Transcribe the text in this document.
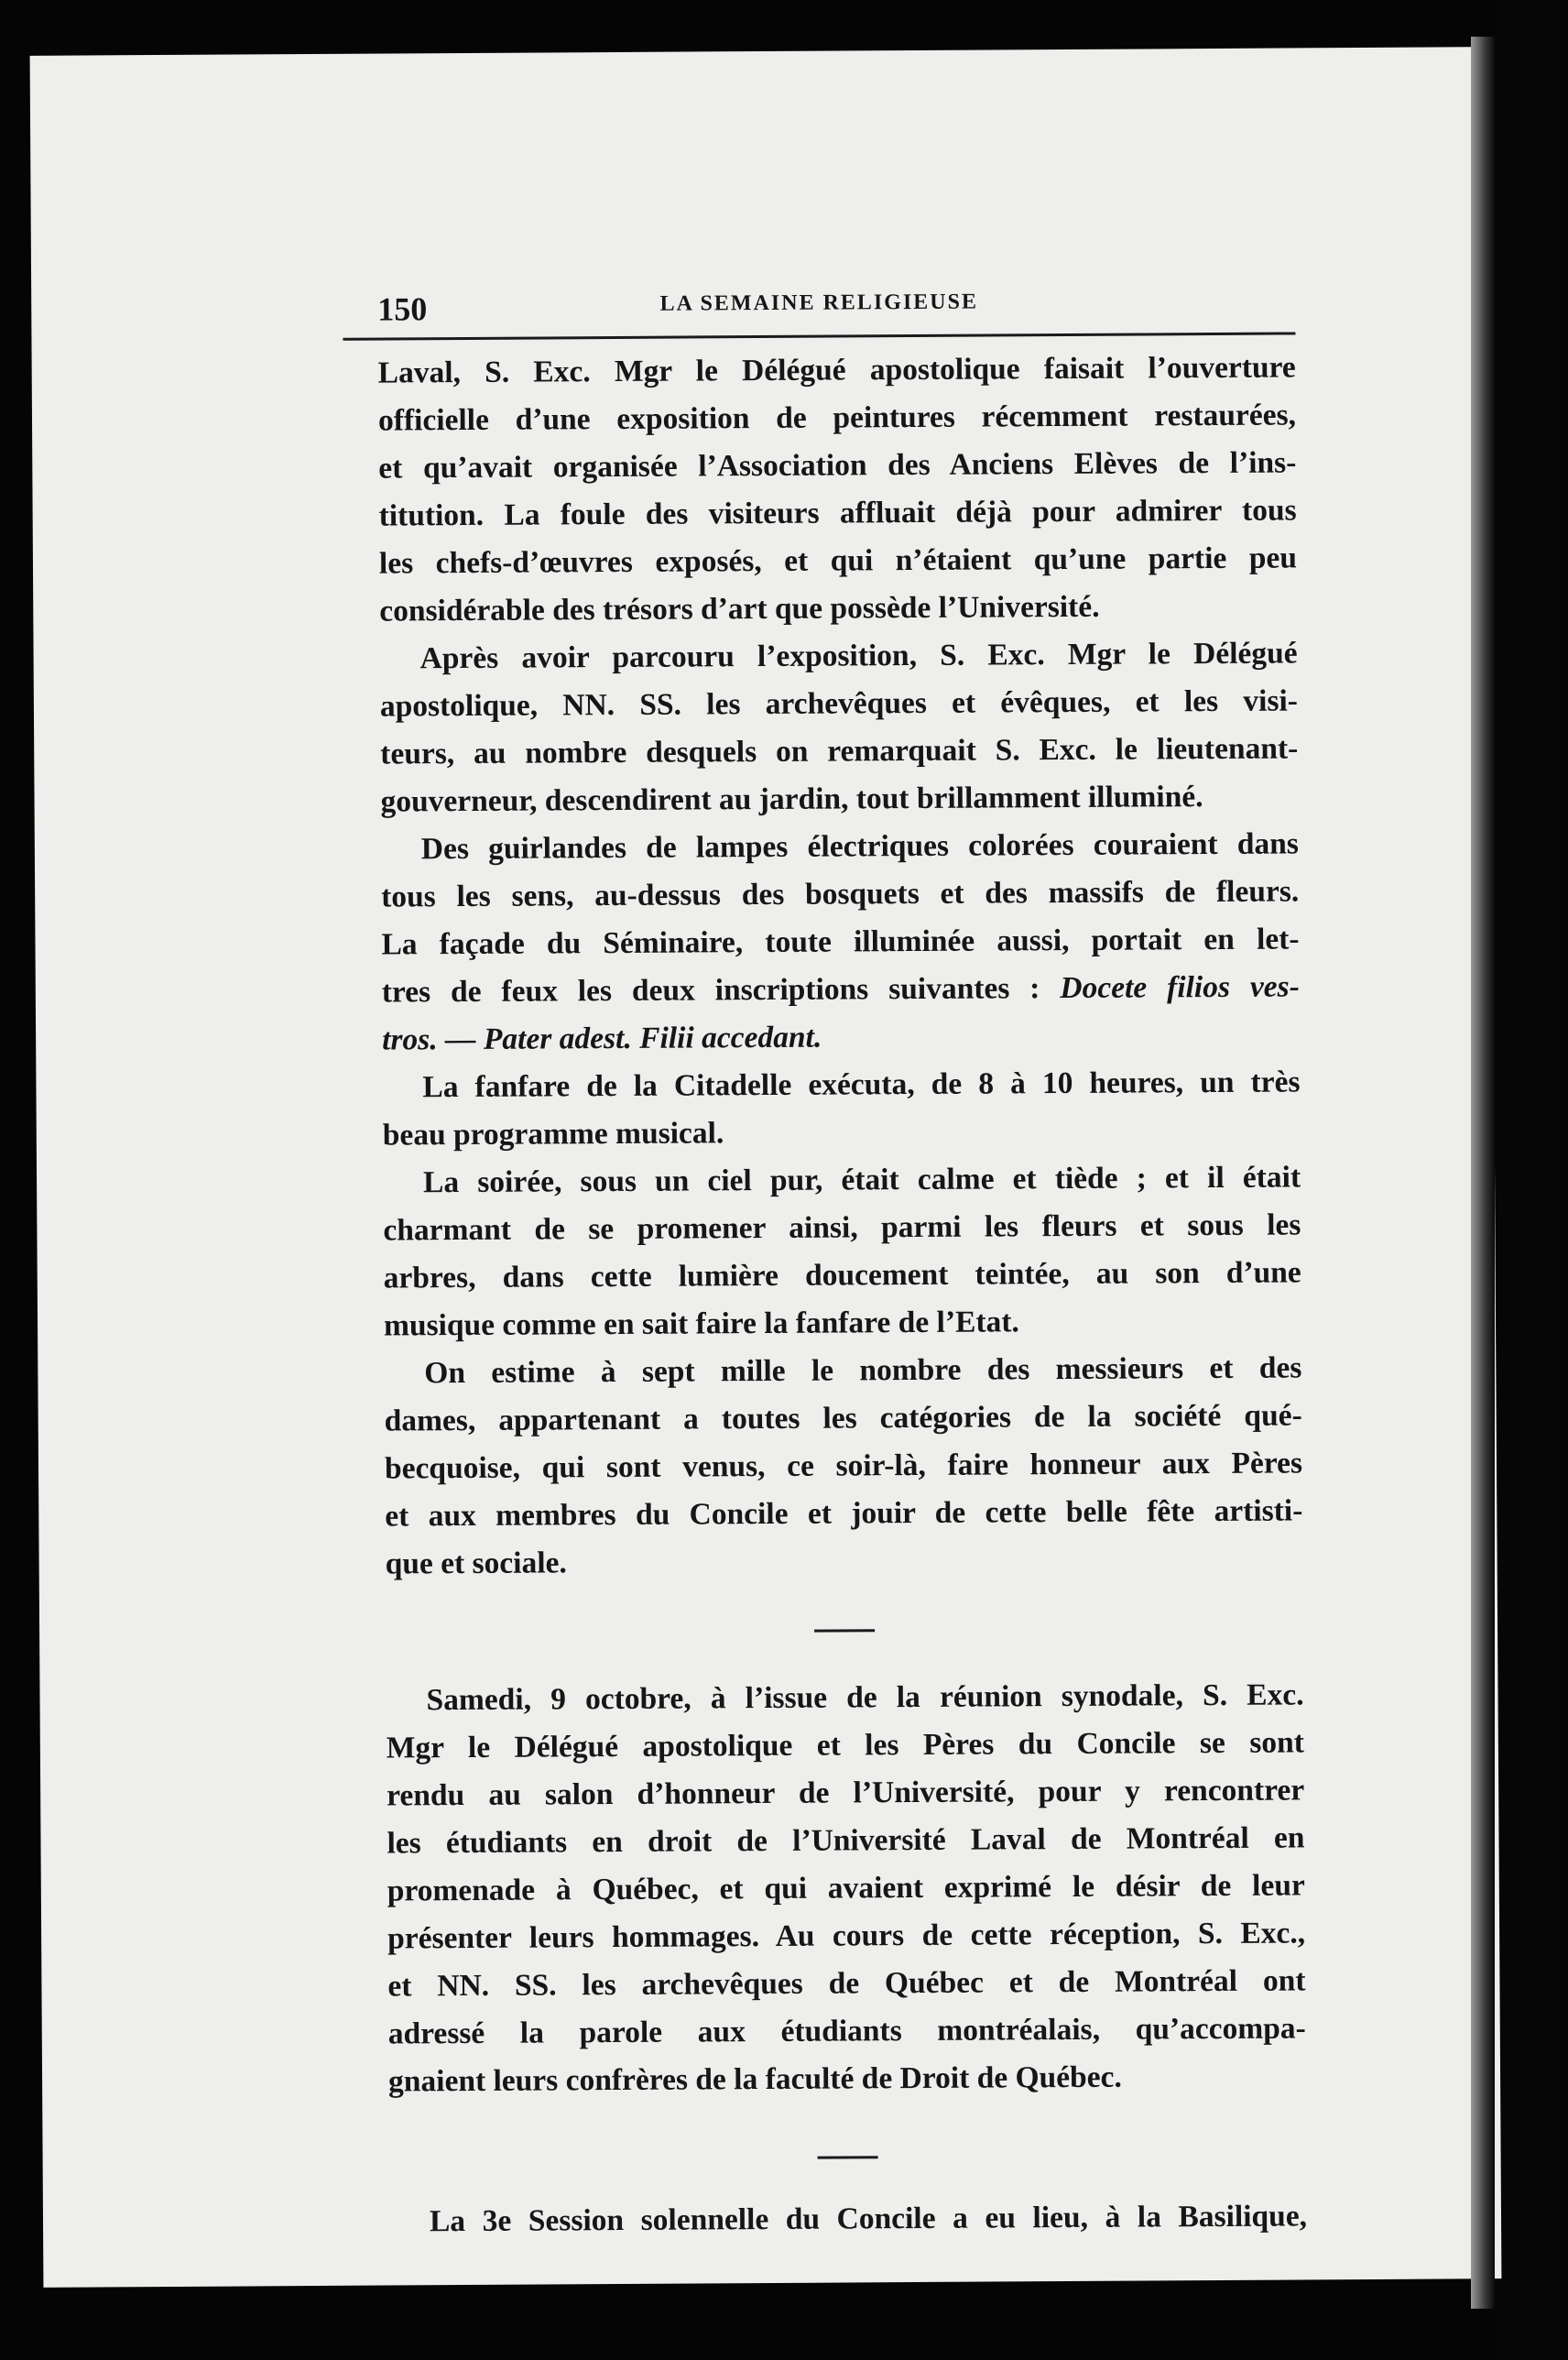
150	LA SEMAINE RELIGIEUSE
Laval, S. Exc. Mgr le Délégué apostolique faisait l’ouverture
officielle d’une exposition de peintures récemment restaurées,
et qu’avait organisée l’Association des Anciens Elèves de l’ins-
titution. La foule des visiteurs affluait déjà pour admirer tous
les chefs-d’œuvres exposés, et qui n’étaient qu’une partie peu
considérable des trésors d’art que possède l’Université.
Après avoir parcouru l’exposition, S. Exc. Mgr le Délégué
apostolique, NN. SS. les archevêques et évêques, et les visi-
teurs, au nombre desquels on remarquait S. Exc. le lieutenant-
gouverneur, descendirent au jardin, tout brillamment illuminé.
Des guirlandes de lampes électriques colorées couraient dans
tous les sens, au-dessus des bosquets et des massifs de fleurs.
La façade du Séminaire, toute illuminée aussi, portait en let-
tres de feux les deux inscriptions suivantes : Docete filios ves-
tros. — Pater adest. Filii accedant.
La fanfare de la Citadelle exécuta, de 8 à 10 heures, un très
beau programme musical.
La soirée, sous un ciel pur, était calme et tiède ; et il était
charmant de se promener ainsi, parmi les fleurs et sous les
arbres, dans cette lumière doucement teintée, au son d’une
musique comme en sait faire la fanfare de l’Etat.
On estime à sept mille le nombre des messieurs et des
dames, appartenant a toutes les catégories de la société qué-
becquoise, qui sont venus, ce soir-là, faire honneur aux Pères
et aux membres du Concile et jouir de cette belle fête artisti-
que et sociale.
Samedi, 9 octobre, à l’issue de la réunion synodale, S. Exc.
Mgr le Délégué apostolique et les Pères du Concile se sont
rendu au salon d’honneur de l’Université, pour y rencontrer
les étudiants en droit de l’Université Laval de Montréal en
promenade à Québec, et qui avaient exprimé le désir de leur
présenter leurs hommages. Au cours de cette réception, S. Exc.,
et NN. SS. les archevêques de Québec et de Montréal ont
adressé la parole aux étudiants montréalais, qu’accompa-
gnaient leurs confrères de la faculté de Droit de Québec.
La 3e Session solennelle du Concile a eu lieu, à la Basilique,
